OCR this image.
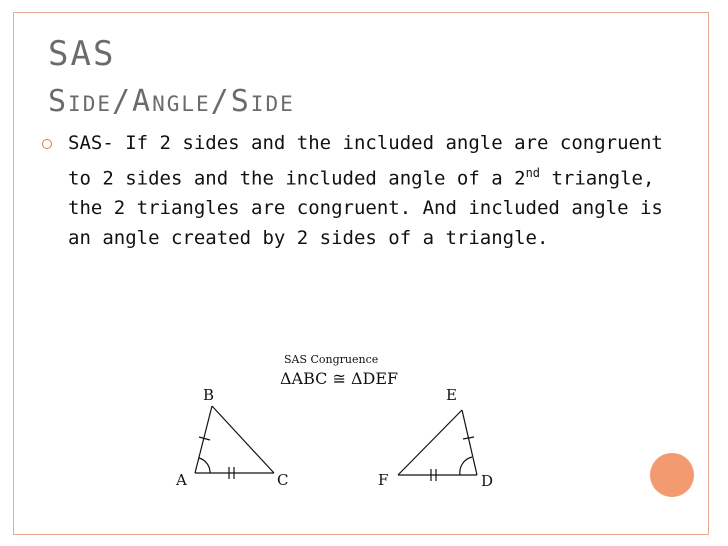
SAS
Side/Angle/Side
SAS- If 2 sides and the included angle are congruent to 2 sides and the included angle of a 2nd triangle, the 2 triangles are congruent. And included angle is an angle created by 2 sides of a triangle.
SAS Congruence
ΔABC ≅ ΔDEF
B
A	C
E
F	D
